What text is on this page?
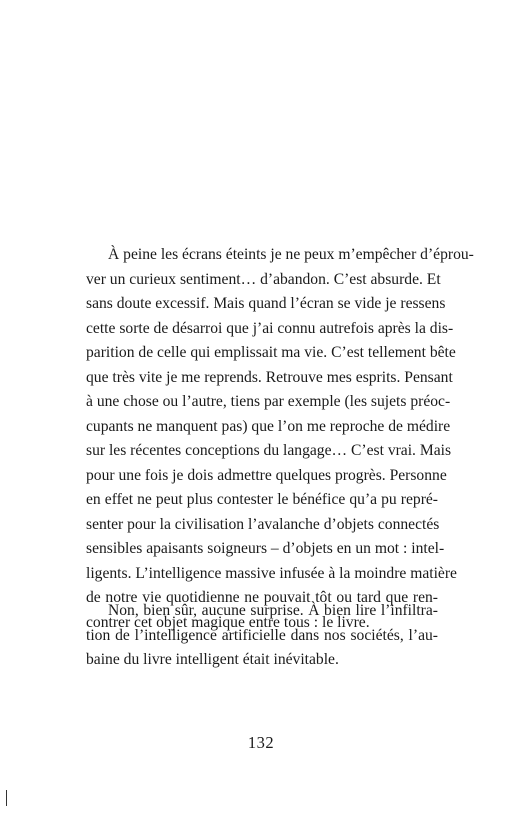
À peine les écrans éteints je ne peux m’empêcher d’éprou-
ver un curieux sentiment… d’abandon. C’est absurde. Et
sans doute excessif. Mais quand l’écran se vide je ressens
cette sorte de désarroi que j’ai connu autrefois après la dis-
parition de celle qui emplissait ma vie. C’est tellement bête
que très vite je me reprends. Retrouve mes esprits. Pensant
à une chose ou l’autre, tiens par exemple (les sujets préoc-
cupants ne manquent pas) que l’on me reproche de médire
sur les récentes conceptions du langage… C’est vrai. Mais
pour une fois je dois admettre quelques progrès. Personne
en effet ne peut plus contester le bénéfice qu’a pu repré-
senter pour la civilisation l’avalanche d’objets connectés
sensibles apaisants soigneurs – d’objets en un mot : intel-
ligents. L’intelligence massive infusée à la moindre matière
de notre vie quotidienne ne pouvait tôt ou tard que ren-
contrer cet objet magique entre tous : le livre.
Non, bien sûr, aucune surprise. À bien lire l’infiltra-
tion de l’intelligence artificielle dans nos sociétés, l’au-
baine du livre intelligent était inévitable.
132
